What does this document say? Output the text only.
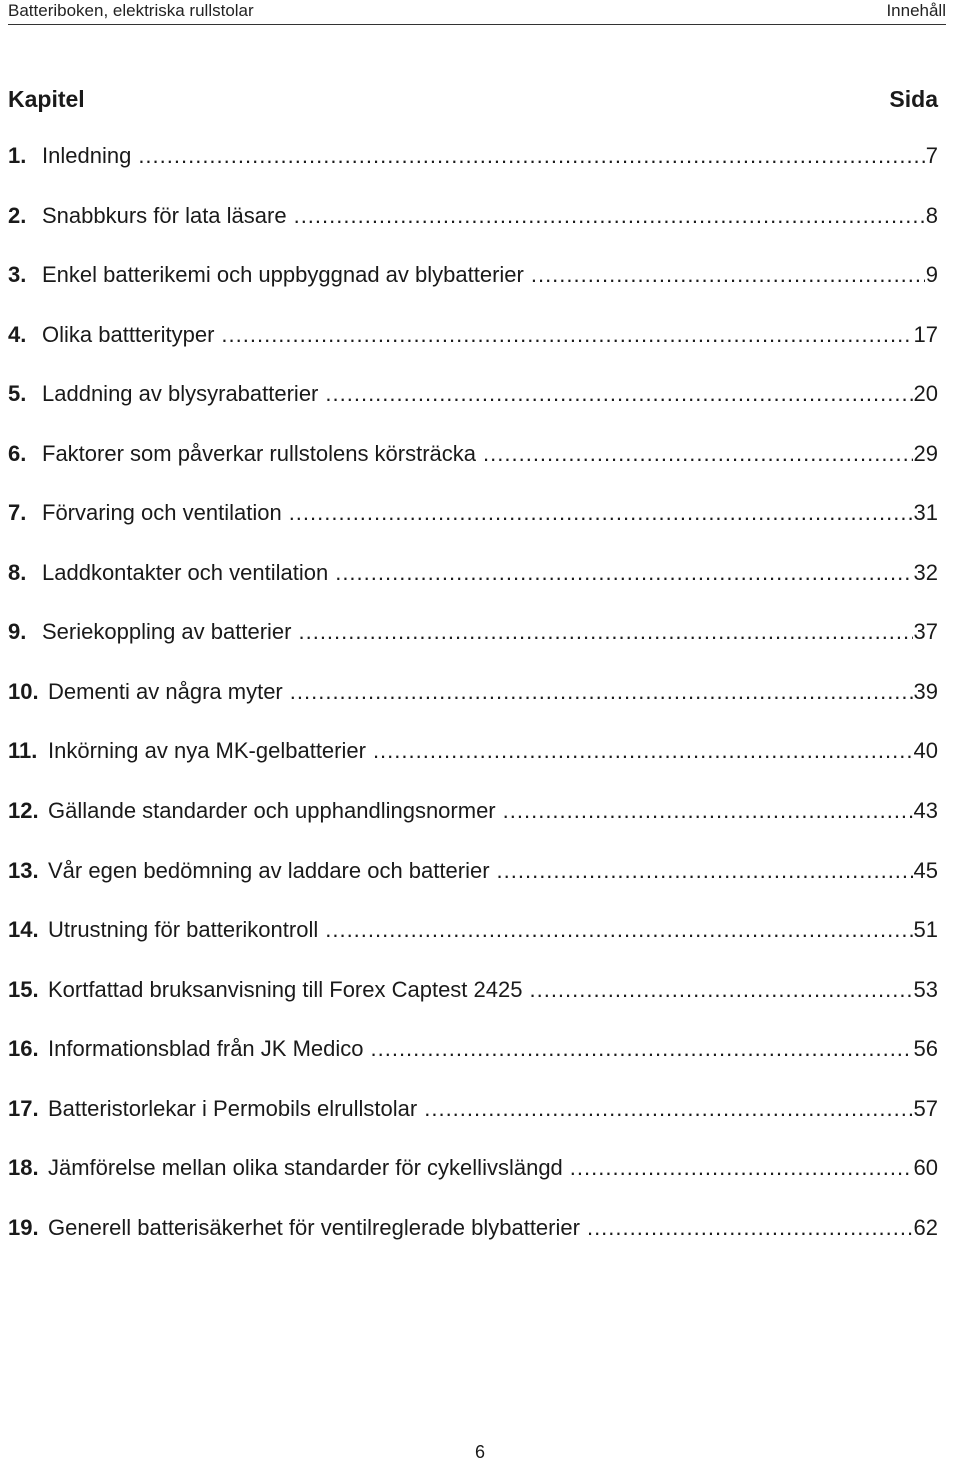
Batteriboken, elektriska rullstolar	Innehåll
Kapitel	Sida
1. Inledning .....	7
2. Snabbkurs för lata läsare .....	8
3. Enkel batterikemi och uppbyggnad av blybatterier .....	9
4. Olika battterityper .....	17
5. Laddning av blysyrabatterier .....	20
6. Faktorer som påverkar rullstolens körsträcka .....	29
7. Förvaring och ventilation .....	31
8. Laddkontakter och ventilation .....	32
9. Seriekoppling av batterier .....	37
10. Dementi av några myter .....	39
11. Inkörning av nya MK-gelbatterier .....	40
12. Gällande standarder och upphandlingsnormer .....	43
13. Vår egen bedömning av laddare och batterier .....	45
14. Utrustning för batterikontroll .....	51
15. Kortfattad bruksanvisning till Forex Captest 2425 .....	53
16. Informationsblad från JK Medico .....	56
17. Batteristorlekar i Permobils elrullstolar .....	57
18. Jämförelse mellan olika standarder för cykellivslängd .....	60
19. Generell batterisäkerhet för ventilreglerade blybatterier .....	62
6
